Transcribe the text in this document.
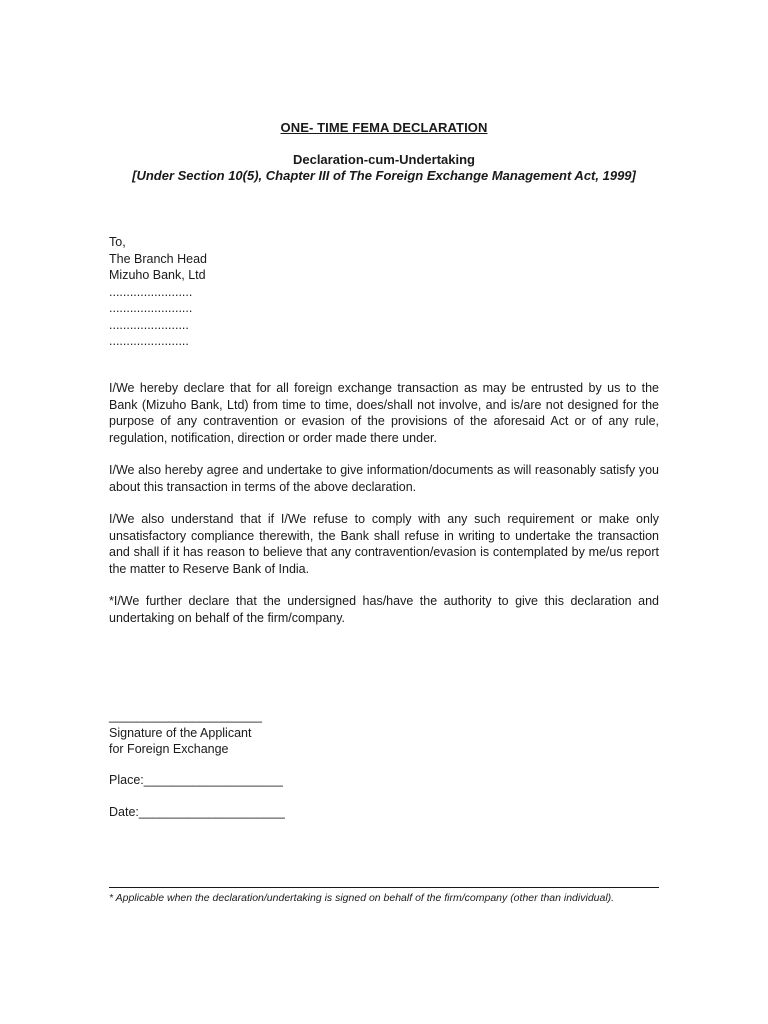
ONE- TIME FEMA DECLARATION
Declaration-cum-Undertaking
[Under Section 10(5), Chapter III of The Foreign Exchange Management Act, 1999]
To,
The Branch Head
Mizuho Bank, Ltd
........................
........................
.......................
.......................
I/We hereby declare that for all foreign exchange transaction as may be entrusted by us to the Bank (Mizuho Bank, Ltd) from time to time, does/shall not involve, and is/are not designed for the purpose of any contravention or evasion of the provisions of the aforesaid Act or of any rule, regulation, notification, direction or order made there under.
I/We also hereby agree and undertake to give information/documents as will reasonably satisfy you about this transaction in terms of the above declaration.
I/We also understand that if I/We refuse to comply with any such requirement or make only unsatisfactory compliance therewith, the Bank shall refuse in writing to undertake the transaction and shall if it has reason to believe that any contravention/evasion is contemplated by me/us report the matter to Reserve Bank of India.
*I/We further declare that the undersigned has/have the authority to give this declaration and undertaking on behalf of the firm/company.
______________________
Signature of the Applicant
for Foreign Exchange
Place:____________________
Date:_____________________
* Applicable when the declaration/undertaking is signed on behalf of the firm/company (other than individual).
